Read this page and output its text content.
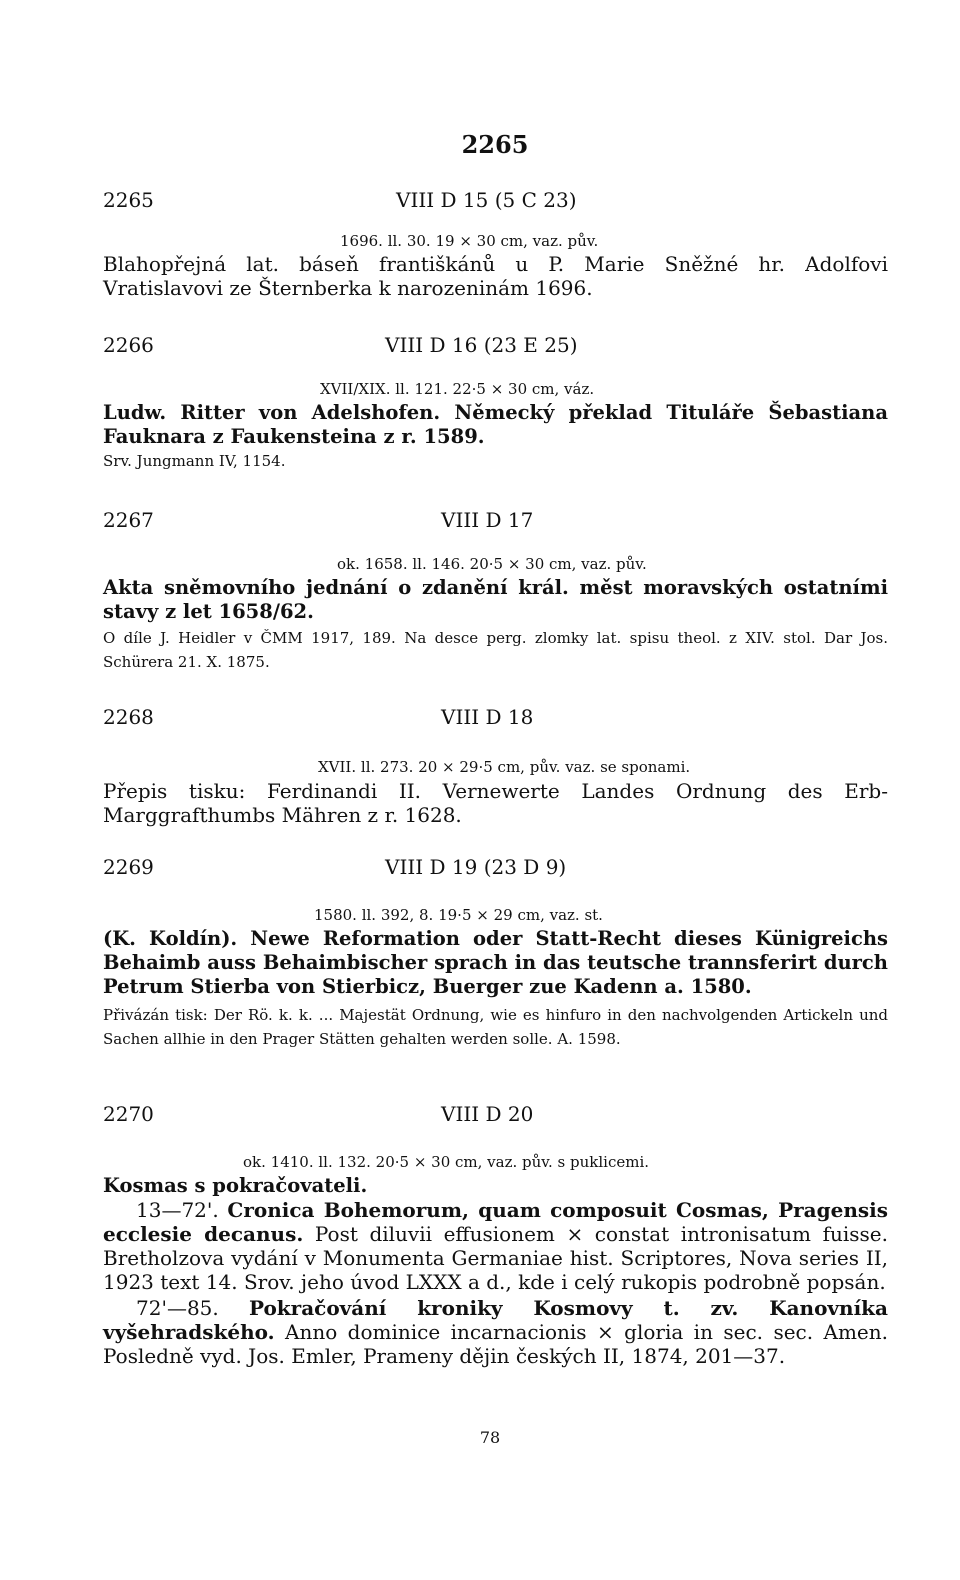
2265
2265	VIII D 15 (5 C 23)
1696. ll. 30. 19 × 30 cm, vaz. pův.

Blahopřejná lat. báseň františkánů u P. Marie Sněžné hr. Adolfovi Vratislavovi ze Šternberka k narozeninám 1696.

2266	VIII D 16 (23 E 25)
XVII/XIX. ll. 121. 22·5 × 30 cm, váz.

Ludw. Ritter von Adelshofen. Německý překlad Tituláře Šebastiana Fauknara z Faukensteina z r. 1589.

Srv. Jungmann IV, 1154.

2267	VIII D 17
ok. 1658. ll. 146. 20·5 × 30 cm, vaz. pův.

Akta sněmovního jednání o zdanění král. měst moravských ostatními stavy z let 1658/62.

O díle J. Heidler v ČMM 1917, 189. Na desce perg. zlomky lat. spisu theol. z XIV. stol. Dar Jos. Schürera 21. X. 1875.

2268	VIII D 18
XVII. ll. 273. 20 × 29·5 cm, pův. vaz. se sponami.

Přepis tisku: Ferdinandi II. Vernewerte Landes Ordnung des Erb-Marggrafthumbs Mähren z r. 1628.

2269	VIII D 19 (23 D 9)
1580. ll. 392, 8. 19·5 × 29 cm, vaz. st.

(K. Koldín). Newe Reformation oder Statt-Recht dieses Künigreichs Behaimb auss Behaimbischer sprach in das teutsche trannsferirt durch Petrum Stierba von Stierbicz, Buerger zue Kadenn a. 1580.

Přivázán tisk: Der Rö. k. k. ... Majestät Ordnung, wie es hinfuro in den nachvolgenden Artickeln und Sachen allhie in den Prager Stätten gehalten werden solle. A. 1598.

2270	VIII D 20
ok. 1410. ll. 132. 20·5 × 30 cm, vaz. pův. s puklicemi.

Kosmas s pokračovateli.

13—72'. Cronica Bohemorum, quam composuit Cosmas, Pragensis ecclesie decanus. Post diluvii effusionem × constat intronisatum fuisse. Bretholzova vydání v Monumenta Germaniae hist. Scriptores, Nova series II, 1923 text 14. Srov. jeho úvod LXXX a d., kde i celý rukopis podrobně popsán.

72'—85. Pokračování kroniky Kosmovy t. zv. Kanovníka vyšehradského. Anno dominice incarnacionis × gloria in sec. sec. Amen. Posledně vyd. Jos. Emler, Prameny dějin českých II, 1874, 201—37.

78
